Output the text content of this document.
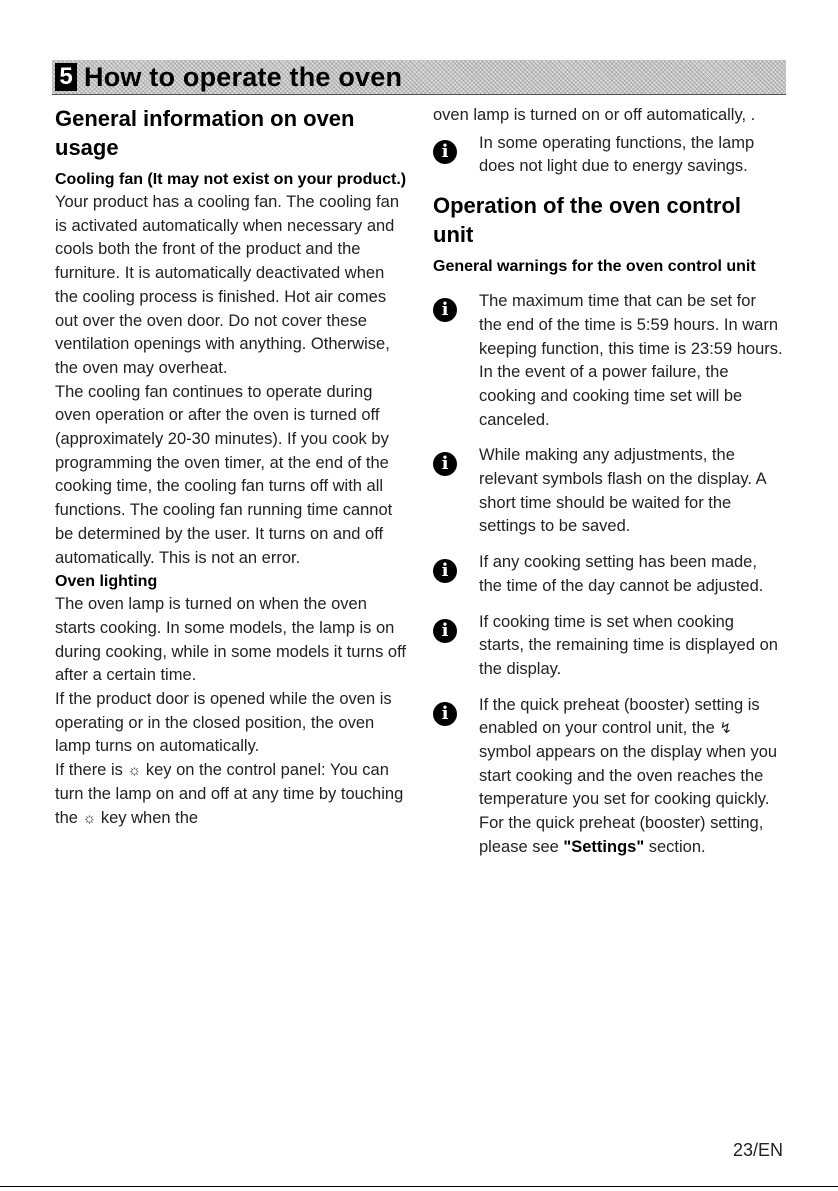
5 How to operate the oven
General information on oven usage
Cooling fan (It may not exist on your product.)

Your product has a cooling fan. The cooling fan is activated automatically when necessary and cools both the front of the product and the furniture. It is automatically deactivated when the cooling process is finished. Hot air comes out over the oven door. Do not cover these ventilation openings with anything. Otherwise, the oven may overheat.

The cooling fan continues to operate during oven operation or after the oven is turned off (approximately 20-30 minutes). If you cook by programming the oven timer, at the end of the cooking time, the cooling fan turns off with all functions. The cooling fan running time cannot be determined by the user. It turns on and off automatically. This is not an error.

Oven lighting

The oven lamp is turned on when the oven starts cooking. In some models, the lamp is on during cooking, while in some models it turns off after a certain time.

If the product door is opened while the oven is operating or in the closed position, the oven lamp turns on automatically.

If there is ☼ key on the control panel: You can turn the lamp on and off at any time by touching the ☼ key when the

oven lamp is turned on or off automatically, .

i	In some operating functions, the lamp does not light due to energy savings.

Operation of the oven control unit
General warnings for the oven control unit
i	The maximum time that can be set for the end of the time is 5:59 hours. In warn keeping function, this time is 23:59 hours. In the event of a power failure, the cooking and cooking time set will be canceled.

i	While making any adjustments, the relevant symbols flash on the display. A short time should be waited for the settings to be saved.

i	If any cooking setting has been made, the time of the day cannot be adjusted.

i	If cooking time is set when cooking starts, the remaining time is displayed on the display.

i	If the quick preheat (booster) setting is enabled on your control unit, the ↯ symbol appears on the display when you start cooking and the oven reaches the temperature you set for cooking quickly. For the quick preheat (booster) setting, please see "Settings" section.

23/EN
